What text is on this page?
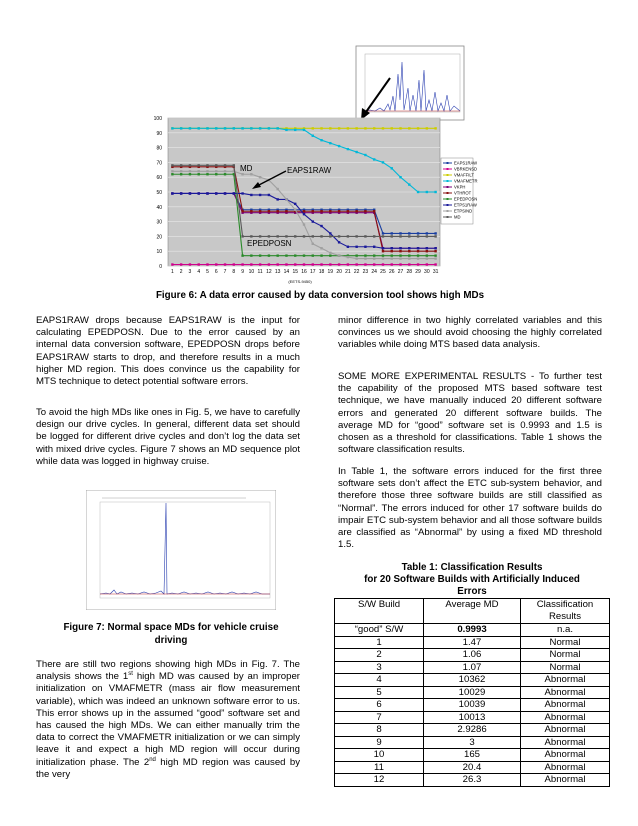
0
10
20
30
40
50
60
70
80
90
100
1 2 3 4 5 6 7 8 9 10 11 12 13 14 15 16 17 18 19 20 21 22 23 24 25 26 27 28 29 30 31
(EETS-9450)
EAPS1RAW
VBRKENSD
VMAFFILT
VMAFMETR
VKPH
VTHROT
EPEDPOSN
ETPS1RAW
ETPSIND
MD
MD	EAPS1RAW
EPEDPOSN
Figure 6: A data error caused by data conversion tool shows high MDs
EAPS1RAW drops because EAPS1RAW is the input for calculating EPEDPOSN. Due to the error caused by an internal data conversion software, EPEDPOSN drops before EAPS1RAW starts to drop, and therefore results in a much higher MD region. This does convince us the capability for MTS technique to detect potential software errors.
To avoid the high MDs like ones in Fig. 5, we have to carefully design our drive cycles. In general, different data set should be logged for different drive cycles and don’t log the data set with mixed drive cycles. Figure 7 shows an MD sequence plot while data was logged in highway cruise.
Figure 7: Normal space MDs for vehicle cruise driving
There are still two regions showing high MDs in Fig. 7. The analysis shows the 1st high MD was caused by an improper initialization on VMAFMETR (mass air flow measurement variable), which was indeed an unknown software error to us. This error shows up in the assumed “good” software set and has caused the high MDs. We can either manually trim the data to correct the VMAFMETR initialization or we can simply leave it and expect a high MD region will occur during initialization phase. The 2nd high MD region was caused by the very
minor difference in two highly correlated variables and this convinces us we should avoid choosing the highly correlated variables while doing MTS based data analysis.
SOME MORE EXPERIMENTAL RESULTS - To further test the capability of the proposed MTS based software test technique, we have manually induced 20 different software errors and generated 20 different software builds. The average MD for “good” software set is 0.9993 and 1.5 is chosen as a threshold for classifications. Table 1 shows the software classification results.
In Table 1, the software errors induced for the first three software sets don’t affect the ETC sub-system behavior, and therefore those three software builds are still classified as “Normal”. The errors induced for other 17 software builds do impair ETC sub-system behavior and all those software builds are classified as “Abnormal” by using a fixed MD threshold 1.5.
Table 1: Classification Results
for 20 Software Builds with Artificially Induced
Errors
S/W Build	Average MD	Classification Results
“good” S/W	0.9993	n.a.
1	1.47	Normal
2	1.06	Normal
3	1.07	Normal
4	10362	Abnormal
5	10029	Abnormal
6	10039	Abnormal
7	10013	Abnormal
8	2.9286	Abnormal
9	3	Abnormal
10	165	Abnormal
11	20.4	Abnormal
12	26.3	Abnormal
